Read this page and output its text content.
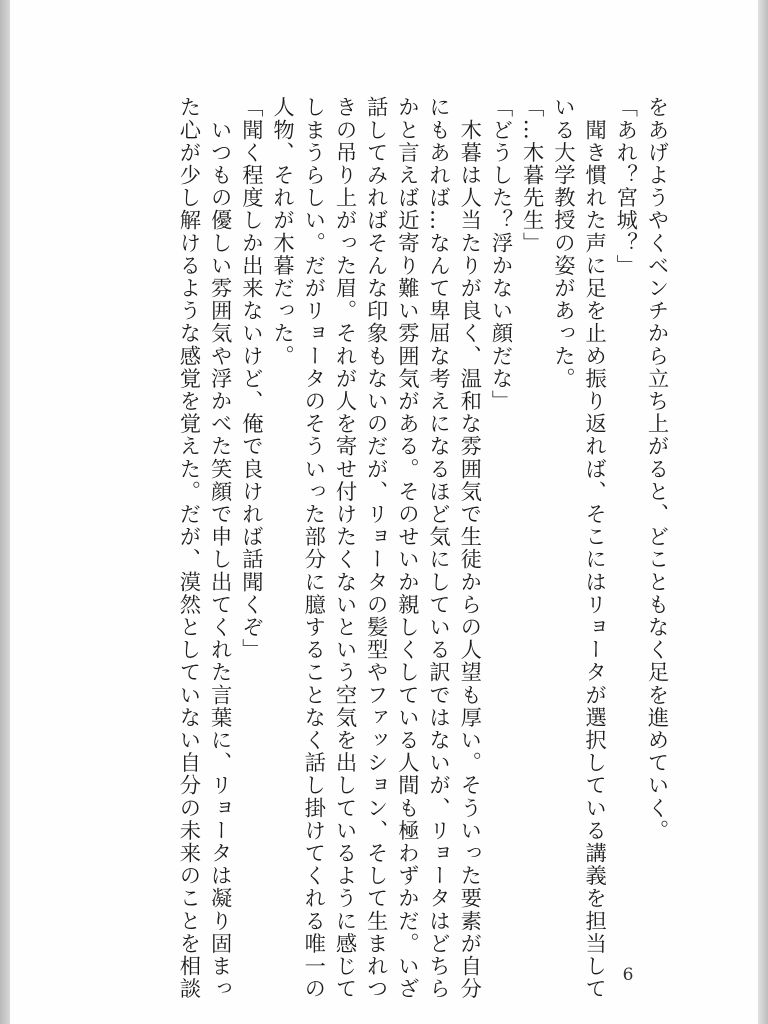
をあげようやくベンチから立ち上がると、どこともなく足を進めていく。
「あれ？宮城？」
　聞き慣れた声に足を止め振り返れば、そこにはリョータが選択している講義を担当して
いる大学教授の姿があった。
「…木暮先生」
「どうした？浮かない顔だな」
　木暮は人当たりが良く、温和な雰囲気で生徒からの人望も厚い。そういった要素が自分
にもあれば…なんて卑屈な考えになるほど気にしている訳ではないが、リョータはどちら
かと言えば近寄り難い雰囲気がある。そのせいか親しくしている人間も極わずかだ。いざ
話してみればそんな印象もないのだが、リョータの髪型やファッション、そして生まれつ
きの吊り上がった眉。それが人を寄せ付けたくないという空気を出しているように感じて
しまうらしい。だがリョータのそういった部分に臆することなく話し掛けてくれる唯一の
人物、それが木暮だった。
「聞く程度しか出来ないけど、俺で良ければ話聞くぞ」
　いつもの優しい雰囲気や浮かべた笑顔で申し出てくれた言葉に、リョータは凝り固まっ
た心が少し解けるような感覚を覚えた。だが、漠然としていない自分の未来のことを相談	6
